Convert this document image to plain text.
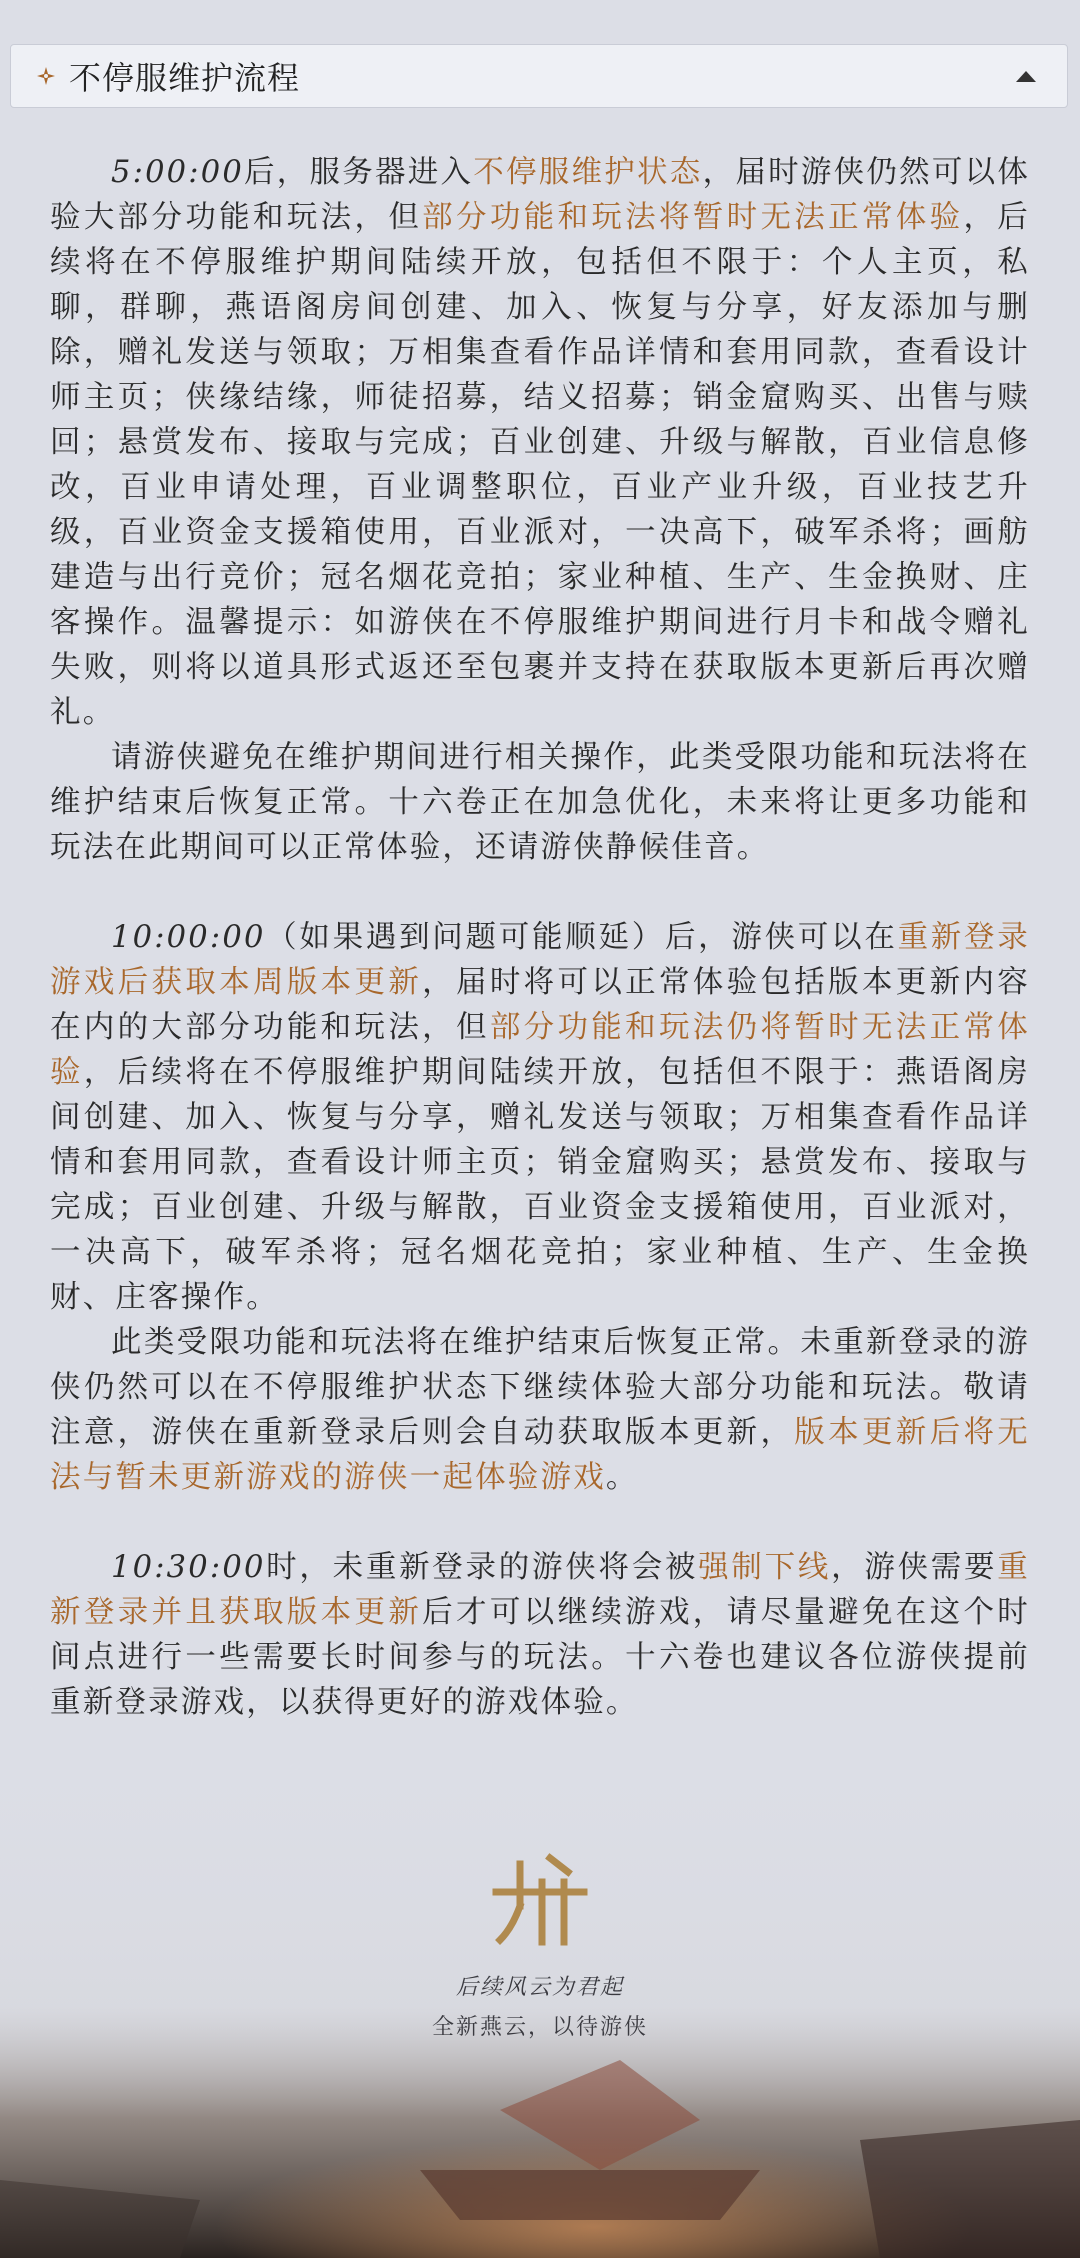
不停服维护流程

5:00:00后，服务器进入不停服维护状态，届时游侠仍然可以体验大部分功能和玩法，但部分功能和玩法将暂时无法正常体验，后续将在不停服维护期间陆续开放，包括但不限于：个人主页，私聊，群聊，燕语阁房间创建、加入、恢复与分享，好友添加与删除，赠礼发送与领取；万相集查看作品详情和套用同款，查看设计师主页；侠缘结缘，师徒招募，结义招募；销金窟购买、出售与赎回；悬赏发布、接取与完成；百业创建、升级与解散，百业信息修改，百业申请处理，百业调整职位，百业产业升级，百业技艺升级，百业资金支援箱使用，百业派对，一决高下，破军杀将；画舫建造与出行竞价；冠名烟花竞拍；家业种植、生产、生金换财、庄客操作。温馨提示：如游侠在不停服维护期间进行月卡和战令赠礼失败，则将以道具形式返还至包裹并支持在获取版本更新后再次赠礼。

请游侠避免在维护期间进行相关操作，此类受限功能和玩法将在维护结束后恢复正常。十六卷正在加急优化，未来将让更多功能和玩法在此期间可以正常体验，还请游侠静候佳音。

10:00:00（如果遇到问题可能顺延）后，游侠可以在重新登录游戏后获取本周版本更新，届时将可以正常体验包括版本更新内容在内的大部分功能和玩法，但部分功能和玩法仍将暂时无法正常体验，后续将在不停服维护期间陆续开放，包括但不限于：燕语阁房间创建、加入、恢复与分享，赠礼发送与领取；万相集查看作品详情和套用同款，查看设计师主页；销金窟购买；悬赏发布、接取与完成；百业创建、升级与解散，百业资金支援箱使用，百业派对，一决高下，破军杀将；冠名烟花竞拍；家业种植、生产、生金换财、庄客操作。

此类受限功能和玩法将在维护结束后恢复正常。未重新登录的游侠仍然可以在不停服维护状态下继续体验大部分功能和玩法。敬请注意，游侠在重新登录后则会自动获取版本更新，版本更新后将无法与暂未更新游戏的游侠一起体验游戏。

10:30:00时，未重新登录的游侠将会被强制下线，游侠需要重新登录并且获取版本更新后才可以继续游戏，请尽量避免在这个时间点进行一些需要长时间参与的玩法。十六卷也建议各位游侠提前

后续风云为君起
全新燕云，以待游侠
